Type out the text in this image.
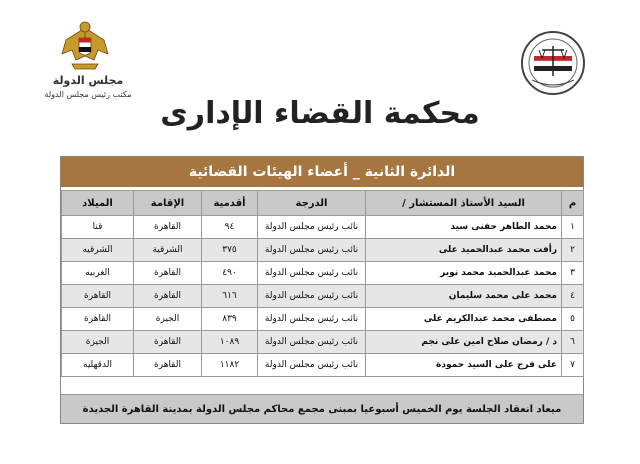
مجلس الدولة
مكتب رئيس مجلس الدولة
محكمة القضاء الإدارى
الدائرة الثانية _ أعضاء الهيئات القضائية
م	السيد الأستاذ المستشار /	الدرجة	أقدمية	الإقامة	الميلاد
١	محمد الطاهر حفنى سيد	نائب رئيس مجلس الدولة	٩٤	القاهرة	قنا
٢	رأفت محمد عبدالحميد على	نائب رئيس مجلس الدولة	٣٧٥	الشرقية	الشرقيه
٣	محمد عبدالحميد محمد نوير	نائب رئيس مجلس الدولة	٤٩٠	القاهرة	الغربيه
٤	محمد على محمد سليمان	نائب رئيس مجلس الدولة	٦١٦	القاهرة	القاهرة
٥	مصطفى محمد عبدالكريم على	نائب رئيس مجلس الدولة	٨٣٩	الجيزة	القاهرة
٦	د / رمضان صلاح امين على نجم	نائب رئيس مجلس الدولة	١٠٨٩	القاهرة	الجيزة
٧	على فرج على السيد حمودة	نائب رئيس مجلس الدولة	١١٨٢	القاهرة	الدقهليه
ميعاد انعقاد الجلسة يوم الخميس أسبوعيا بمبنى مجمع محاكم مجلس الدولة بمدينة القاهرة الجديدة
